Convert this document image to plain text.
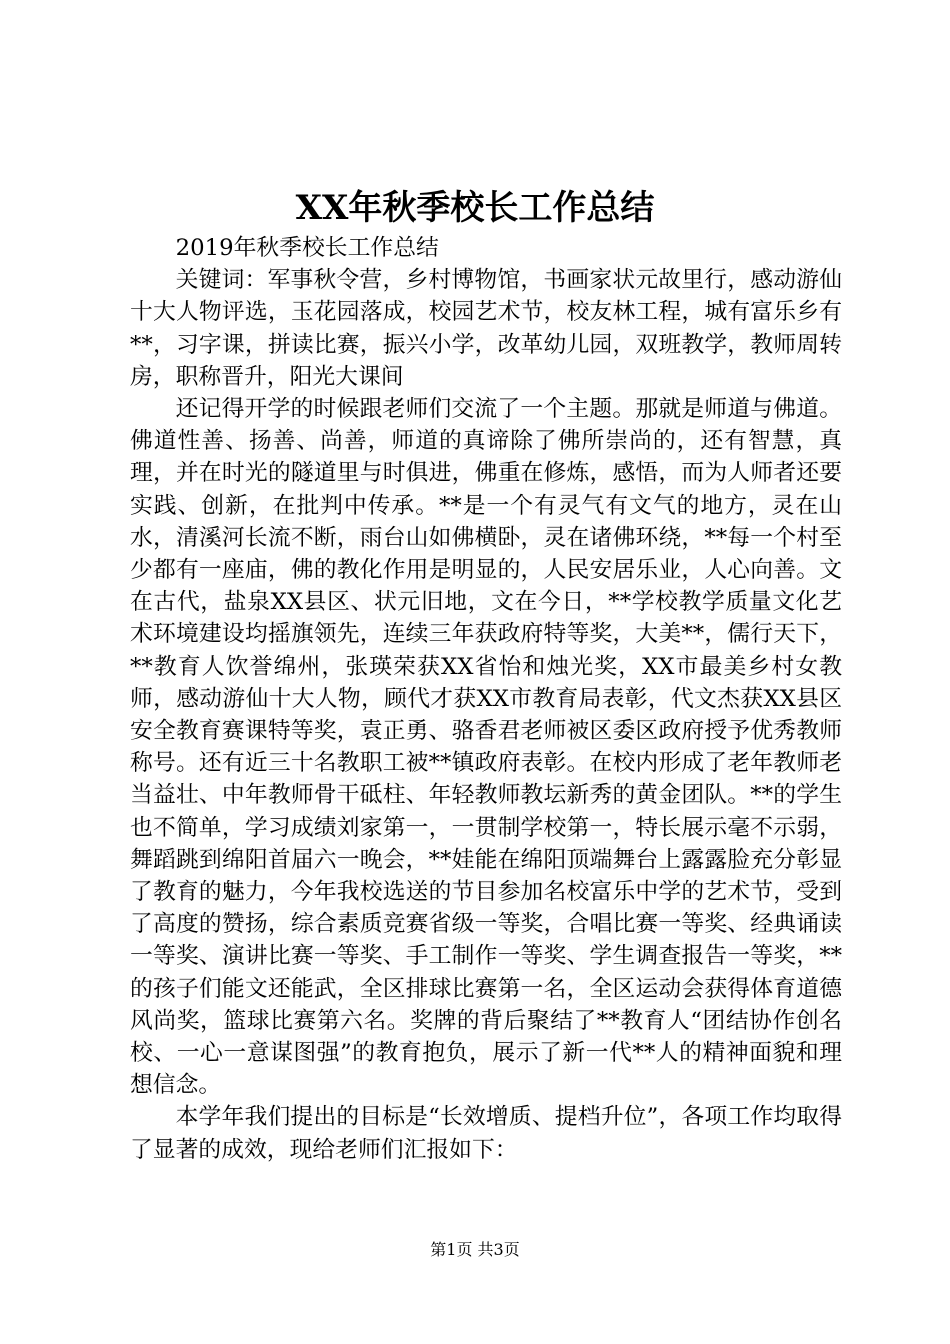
XX年秋季校长工作总结

2019年秋季校长工作总结

关键词：军事秋令营，乡村博物馆，书画家状元故里行，感动游仙十大人物评选，玉花园落成，校园艺术节，校友林工程，城有富乐乡有**，习字课，拼读比赛，振兴小学，改革幼儿园，双班教学，教师周转房，职称晋升，阳光大课间

还记得开学的时候跟老师们交流了一个主题。那就是师道与佛道。佛道性善、扬善、尚善，师道的真谛除了佛所崇尚的，还有智慧，真理，并在时光的隧道里与时俱进，佛重在修炼，感悟，而为人师者还要实践、创新，在批判中传承。**是一个有灵气有文气的地方，灵在山水，清溪河长流不断，雨台山如佛横卧，灵在诸佛环绕，**每一个村至少都有一座庙，佛的教化作用是明显的，人民安居乐业，人心向善。文在古代，盐泉XX县区、状元旧地，文在今日，**学校教学质量文化艺术环境建设均摇旗领先，连续三年获政府特等奖，大美**，儒行天下，**教育人饮誉绵州，张瑛荣获XX省怡和烛光奖，XX市最美乡村女教师，感动游仙十大人物，顾代才获XX市教育局表彰，代文杰获XX县区安全教育赛课特等奖，袁正勇、骆香君老师被区委区政府授予优秀教师称号。还有近三十名教职工被**镇政府表彰。在校内形成了老年教师老当益壮、中年教师骨干砥柱、年轻教师教坛新秀的黄金团队。**的学生也不简单，学习成绩刘家第一，一贯制学校第一，特长展示毫不示弱，舞蹈跳到绵阳首届六一晚会，**娃能在绵阳顶端舞台上露露脸充分彰显了教育的魅力，今年我校选送的节目参加名校富乐中学的艺术节，受到了高度的赞扬，综合素质竞赛省级一等奖，合唱比赛一等奖、经典诵读一等奖、演讲比赛一等奖、手工制作一等奖、学生调查报告一等奖，**的孩子们能文还能武，全区排球比赛第一名，全区运动会获得体育道德风尚奖，篮球比赛第六名。奖牌的背后聚结了**教育人“团结协作创名校、一心一意谋图强”的教育抱负，展示了新一代**人的精神面貌和理想信念。

本学年我们提出的目标是“长效增质、提档升位”，各项工作均取得了显著的成效，现给老师们汇报如下：

第1页 共3页
